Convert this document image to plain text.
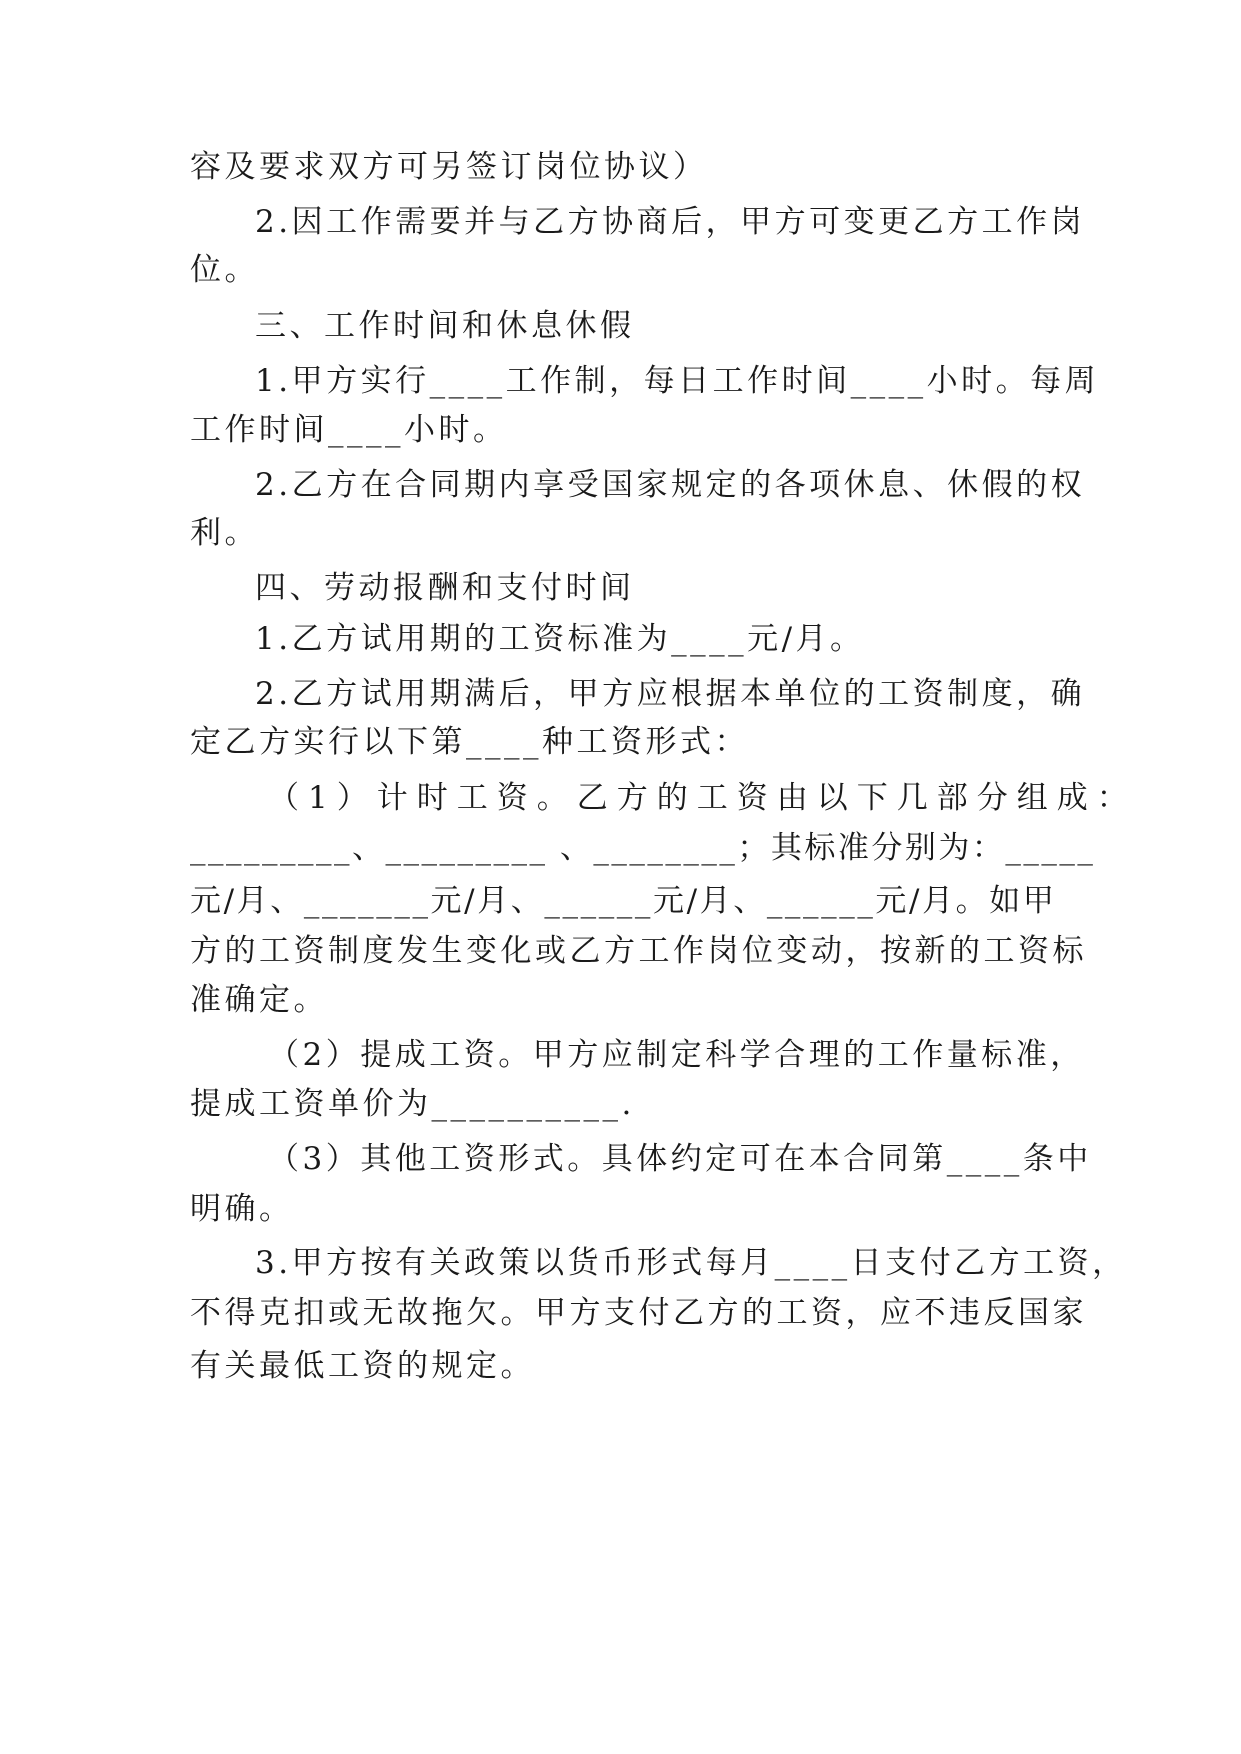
容及要求双方可另签订岗位协议）
2.因工作需要并与乙方协商后，甲方可变更乙方工作岗
位。
三、工作时间和休息休假
1.甲方实行____工作制，每日工作时间____小时。每周
工作时间____小时。
2.乙方在合同期内享受国家规定的各项休息、休假的权
利。
四、劳动报酬和支付时间
1.乙方试用期的工资标准为____元/月。
2.乙方试用期满后，甲方应根据本单位的工资制度，确
定乙方实行以下第____种工资形式：
（1）计时工资。乙方的工资由以下几部分组成：
_________、_________ 、________；其标准分别为：_____
元/月、_______元/月、______元/月、______元/月。如甲
方的工资制度发生变化或乙方工作岗位变动，按新的工资标
准确定。
（2）提成工资。甲方应制定科学合理的工作量标准，
提成工资单价为__________.
（3）其他工资形式。具体约定可在本合同第____条中
明确。
3.甲方按有关政策以货币形式每月____日支付乙方工资，
不得克扣或无故拖欠。甲方支付乙方的工资，应不违反国家
有关最低工资的规定。
